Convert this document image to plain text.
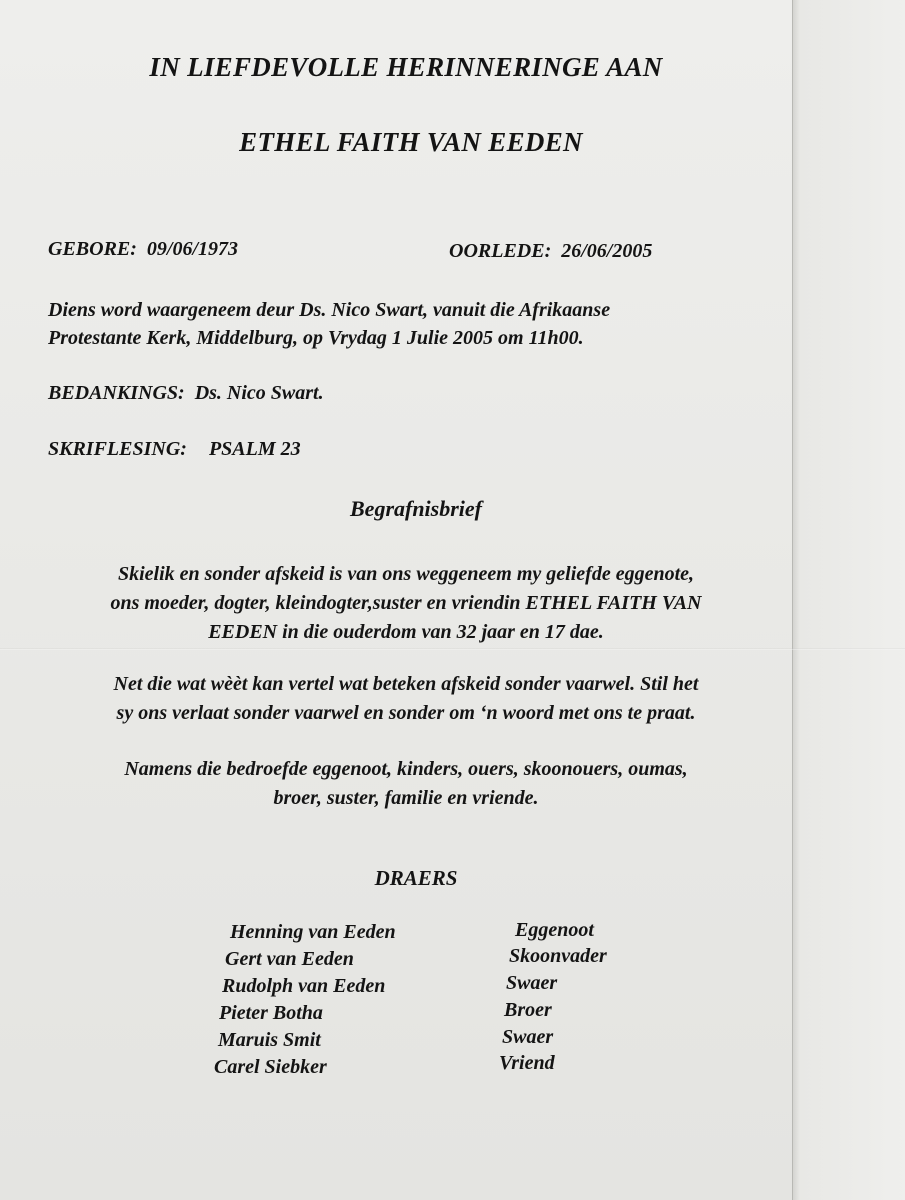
IN LIEFDEVOLLE HERINNERINGE AAN
ETHEL FAITH VAN EEDEN
GEBORE: 09/06/1973	OORLEDE: 26/06/2005
Diens word waargeneem deur Ds. Nico Swart, vanuit die Afrikaanse
Protestante Kerk, Middelburg, op Vrydag 1 Julie 2005 om 11h00.
BEDANKINGS: Ds. Nico Swart.
SKRIFLESING: PSALM 23
Begrafnisbrief
Skielik en sonder afskeid is van ons weggeneem my geliefde eggenote,
ons moeder, dogter, kleindogter,suster en vriendin ETHEL FAITH VAN
EEDEN in die ouderdom van 32 jaar en 17 dae.
Net die wat wèèt kan vertel wat beteken afskeid sonder vaarwel. Stil het
sy ons verlaat sonder vaarwel en sonder om ‘n woord met ons te praat.
Namens die bedroefde eggenoot, kinders, ouers, skoonouers, oumas,
broer, suster, familie en vriende.
DRAERS
Henning van Eeden	Eggenoot
Gert van Eeden	Skoonvader
Rudolph van Eeden	Swaer
Pieter Botha	Broer
Maruis Smit	Swaer
Carel Siebker	Vriend
